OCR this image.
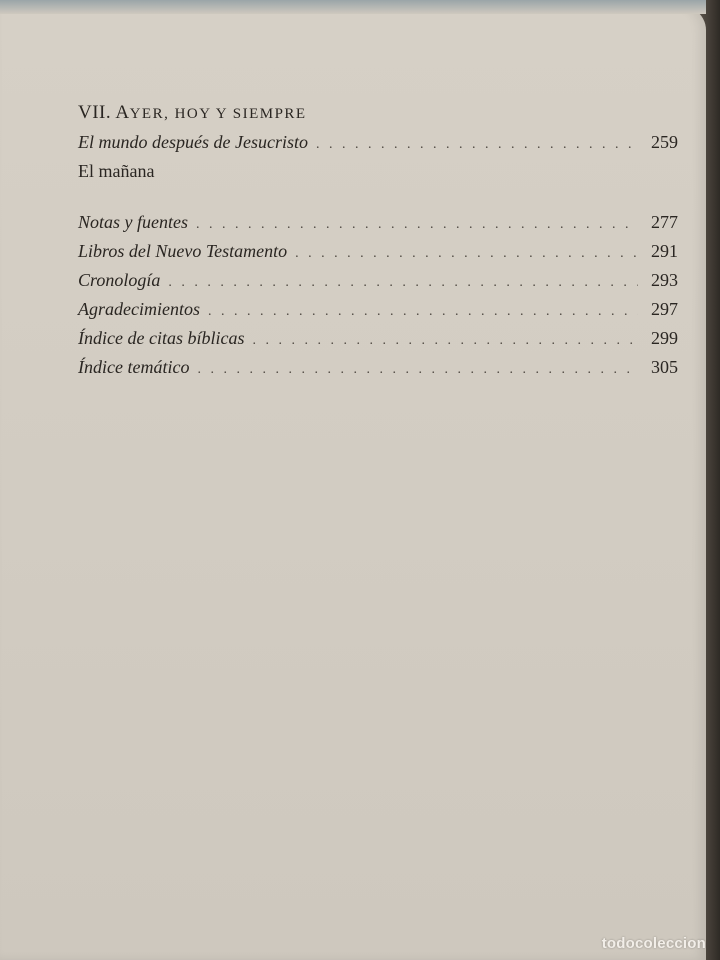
VII. AYER, HOY Y SIEMPRE
El mundo después de Jesucristo . . .	259
El mañana
Notas y fuentes . . .	277
Libros del Nuevo Testamento . . .	291
Cronología . . .	293
Agradecimientos . . .	297
Índice de citas bíblicas . . .	299
Índice temático . . .	305
todocoleccion
